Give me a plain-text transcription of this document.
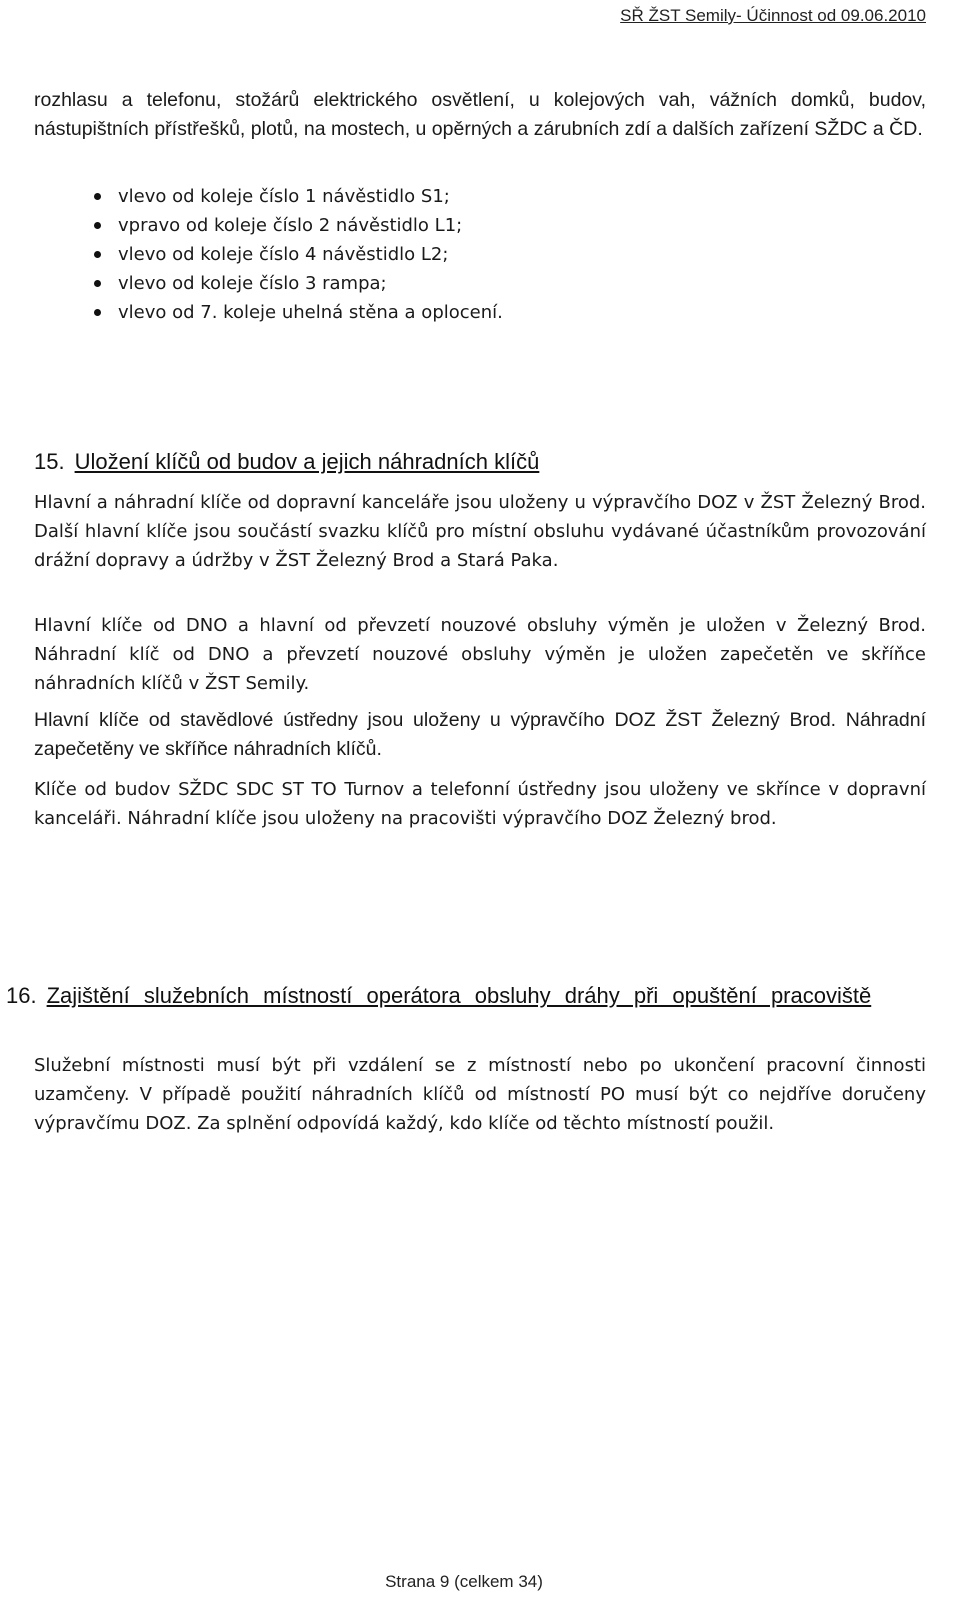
SŘ ŽST Semily- Účinnost od 09.06.2010
rozhlasu a telefonu, stožárů elektrického osvětlení, u kolejových vah, vážních domků, budov, nástupištních přístřešků, plotů, na mostech, u opěrných a zárubních zdí a dalších zařízení SŽDC a ČD.
vlevo od koleje číslo 1 návěstidlo S1;
vpravo od koleje číslo 2 návěstidlo L1;
vlevo od koleje číslo 4 návěstidlo L2;
vlevo od koleje číslo 3 rampa;
vlevo od 7. koleje uhelná stěna a oplocení.
15. Uložení klíčů od budov a jejich náhradních klíčů
Hlavní a náhradní klíče od dopravní kanceláře jsou uloženy u výpravčího DOZ v ŽST Železný Brod. Další hlavní klíče jsou součástí svazku klíčů pro místní obsluhu vydávané účastníkům provozování drážní dopravy a údržby v ŽST Železný Brod a Stará Paka.
Hlavní klíče od DNO a hlavní od převzetí nouzové obsluhy výměn je uložen v Železný Brod. Náhradní klíč od DNO a převzetí nouzové obsluhy výměn je uložen zapečetěn ve skříňce náhradních klíčů v ŽST Semily.
Hlavní klíče od stavědlové ústředny jsou uloženy u výpravčího DOZ ŽST Železný Brod. Náhradní zapečetěny ve skříňce náhradních klíčů.
Klíče od budov SŽDC SDC ST TO Turnov a telefonní ústředny jsou uloženy ve skřínce v dopravní kanceláři. Náhradní klíče jsou uloženy na pracovišti výpravčího DOZ Železný brod.
16. Zajištění služebních místností operátora obsluhy dráhy při opuštění pracoviště
Služební místnosti musí být při vzdálení se z místností nebo po ukončení pracovní činnosti uzamčeny. V případě použití náhradních klíčů od místností PO musí být co nejdříve doručeny výpravčímu DOZ. Za splnění odpovídá každý, kdo klíče od těchto místností použil.
Strana 9 (celkem 34)
